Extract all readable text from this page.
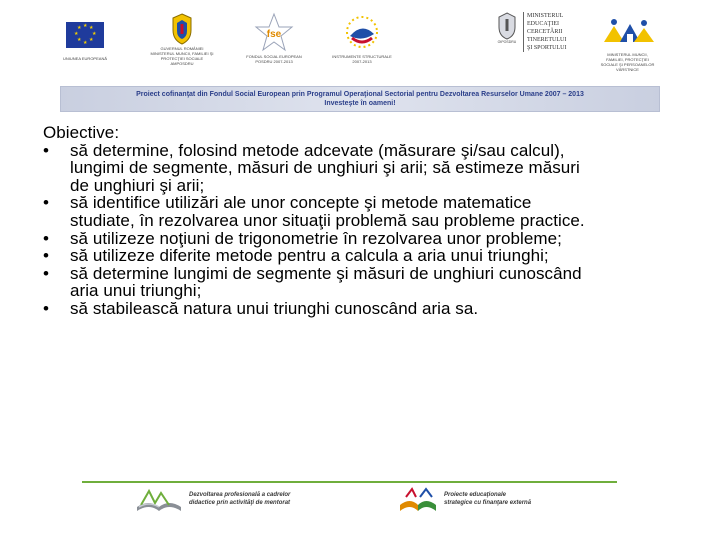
★ ★
★
★
★
★
★
★
UNIUNEA EUROPEANĂ
GUVERNUL ROMÂNIEI
MINISTERUL MUNCII, FAMILIEI ŞI
PROTECŢIEI SOCIALE
AMPOSDRU
fse
FONDUL SOCIAL EUROPEAN
POSDRU 2007-2013
INSTRUMENTE STRUCTURALE
2007-2013
OIPOSDRU
MINISTERUL
EDUCAŢIEI
CERCETĂRII
TINERETULUI
ŞI SPORTULUI
MINISTERUL MUNCII,
FAMILIEI, PROTECŢIEI
SOCIALE ŞI PERSOANELOR
VÂRSTNICE
Proiect cofinanţat din Fondul Social European prin Programul Operaţional Sectorial pentru Dezvoltarea Resurselor Umane 2007 – 2013
Investeşte în oameni!
Obiective:
•	să determine, folosind metode adcevate (măsurare şi/sau calcul),
lungimi de segmente, măsuri de unghiuri şi arii; să estimeze măsuri
de unghiuri şi arii;
•	să identifice utilizări ale unor concepte şi metode matematice
studiate, în rezolvarea unor situaţii problemă sau probleme practice.
•	să utilizeze noţiuni de trigonometrie în rezolvarea unor probleme;
•	să utilizeze diferite metode pentru a calcula a aria unui triunghi;
•	să determine lungimi de segmente şi măsuri de unghiuri cunoscând
aria unui triunghi;
•	să stabilească natura unui triunghi cunoscând aria sa.
Dezvoltarea profesională a cadrelor
didactice prin activităţi de mentorat
Proiecte educaţionale
strategice cu finanţare externă
